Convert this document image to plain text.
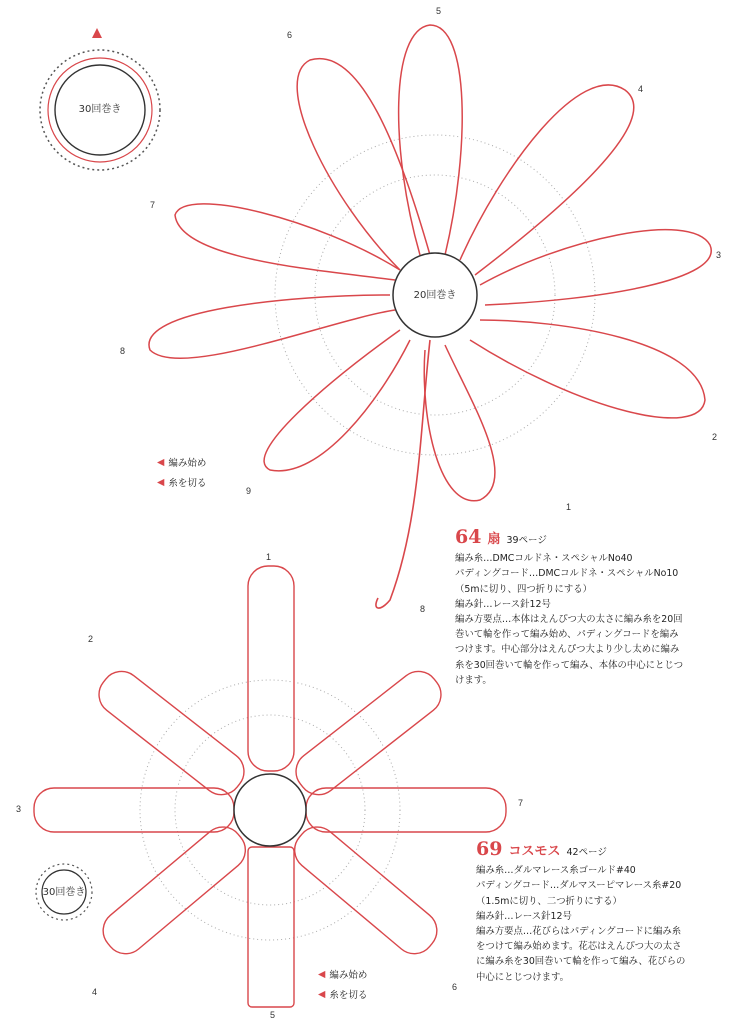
30回巻き
20回巻き
1
2
3
4
5
6
7
8
9
8
1
2
3
4
5
6
7
30回巻き
◀ 編み始め
◀ 糸を切る
◀ 編み始め
◀ 糸を切る
64 扇 39ページ
編み糸…DMCコルドネ・スペシャルNo40
パディングコード…DMCコルドネ・スペシャルNo10
（5mに切り、四つ折りにする）
編み針…レース針12号
編み方要点…本体はえんぴつ大の太さに編み糸を20回
巻いて輪を作って編み始め、パディングコードを編み
つけます。中心部分はえんぴつ大より少し太めに編み
糸を30回巻いて輪を作って編み、本体の中心にとじつ
けます。
69 コスモス 42ページ
編み糸…ダルマレース糸ゴールド#40
パディングコード…ダルマスーピマレース糸#20
（1.5mに切り、二つ折りにする）
編み針…レース針12号
編み方要点…花びらはパディングコードに編み糸
をつけて編み始めます。花芯はえんぴつ大の太さ
に編み糸を30回巻いて輪を作って編み、花びらの
中心にとじつけます。
